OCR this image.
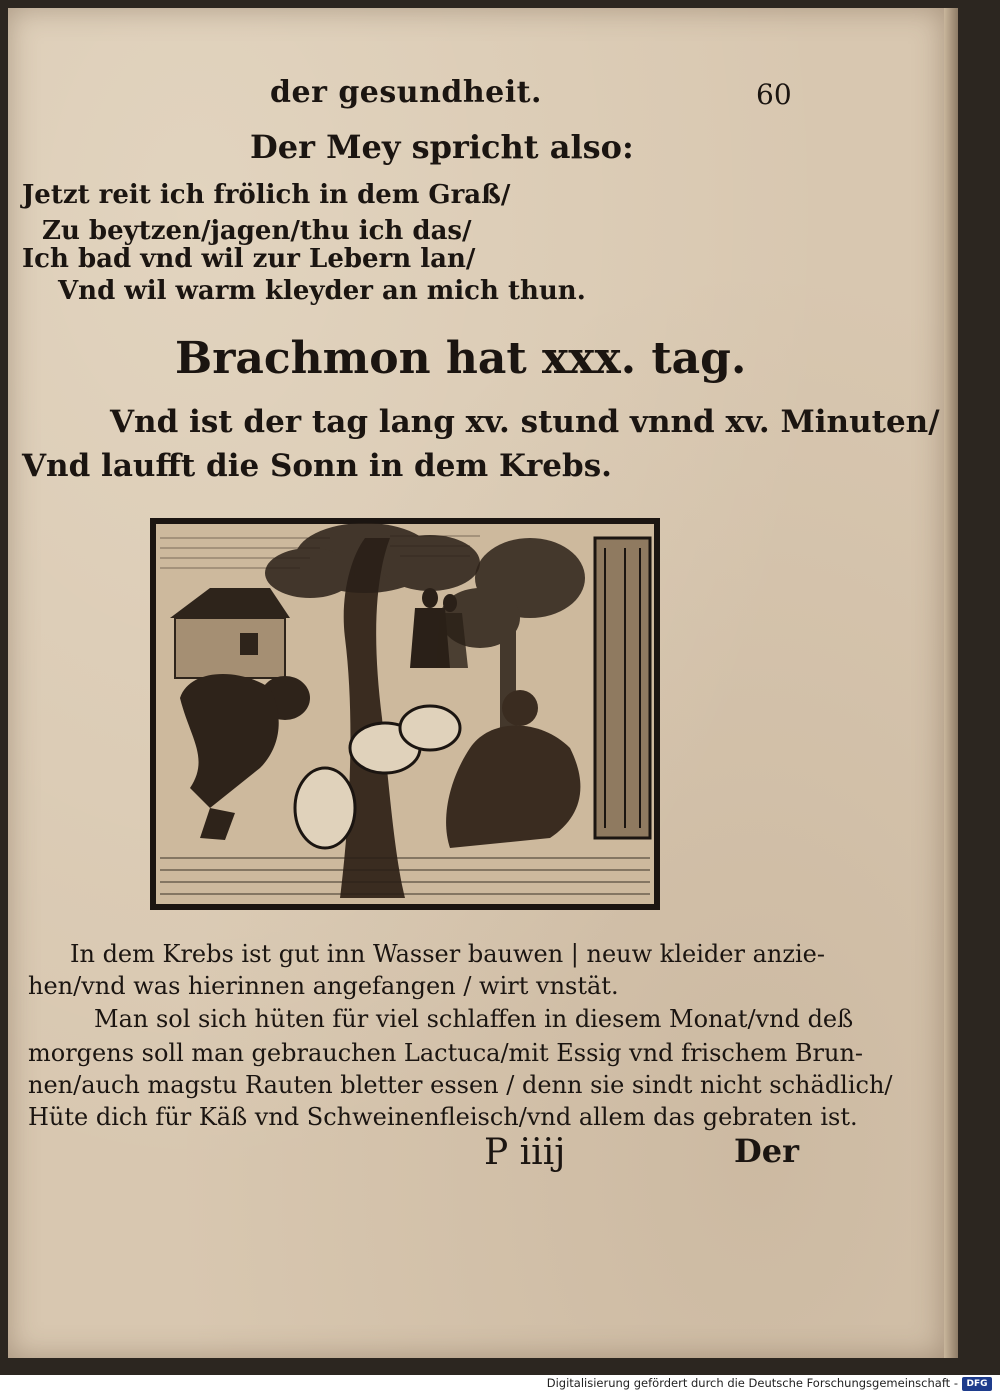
der gesundheit.	60
Der Mey spricht also:
Jetzt reit ich frölich in dem Graß/
Zu beytzen/jagen/thu ich das/
Ich bad vnd wil zur Lebern lan/
Vnd wil warm kleyder an mich thun.
Brachmon hat xxx. tag.
Vnd ist der tag lang xv. stund vnnd xv. Minuten/
Vnd laufft die Sonn in dem Krebs.
In dem Krebs ist gut inn Wasser bauwen | neuw kleider anzie-
hen/vnd was hierinnen angefangen / wirt vnstät.
Man sol sich hüten für viel schlaffen in diesem Monat/vnd deß
morgens soll man gebrauchen Lactuca/mit Essig vnd frischem Brun-
nen/auch magstu Rauten bletter essen / denn sie sindt nicht schädlich/
Hüte dich für Käß vnd Schweinenfleisch/vnd allem das gebraten ist.
P iiij	Der
Digitalisierung gefördert durch die Deutsche Forschungsgemeinschaft - DFG
